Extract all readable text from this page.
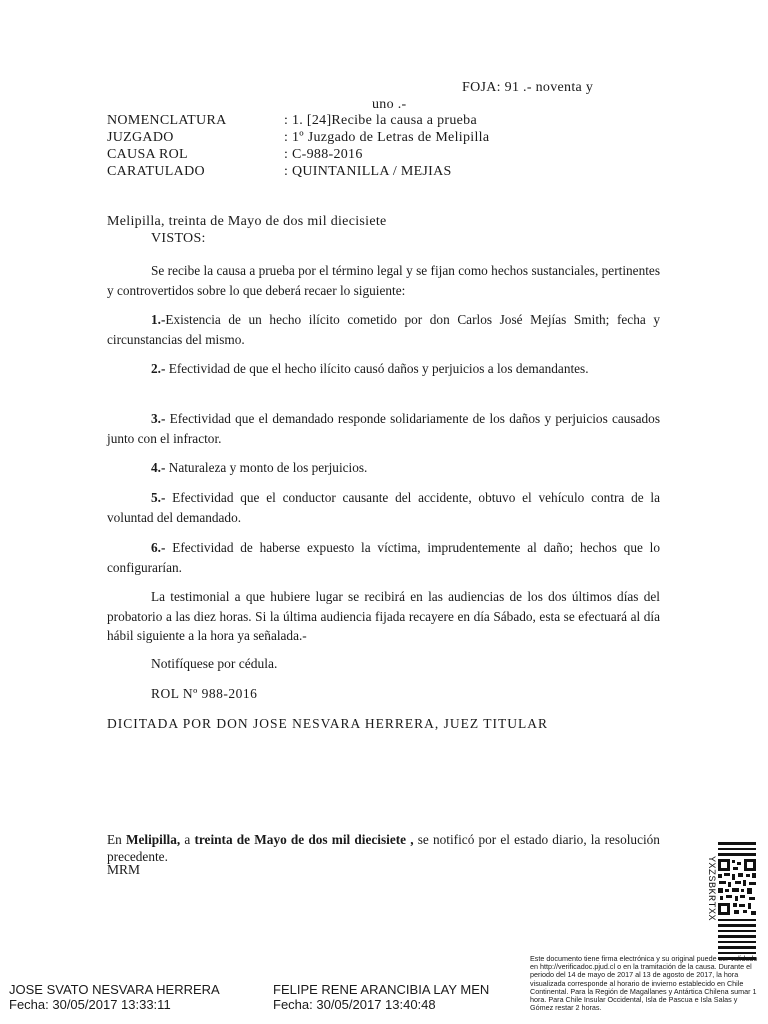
FOJA: 91 .- noventa y
uno .-
NOMENCLATURA	: 1. [24]Recibe la causa a prueba
JUZGADO	: 1º Juzgado de Letras de Melipilla
CAUSA ROL	: C-988-2016
CARATULADO	: QUINTANILLA / MEJIAS
Melipilla, treinta de Mayo de dos mil diecisiete
VISTOS:
Se recibe la causa a prueba por el término legal y se fijan como hechos sustanciales, pertinentes y controvertidos sobre lo que deberá recaer lo siguiente:
1.-Existencia de un hecho ilícito cometido por don Carlos José Mejías Smith; fecha y circunstancias del mismo.
2.- Efectividad de que el hecho ilícito causó daños y perjuicios a los demandantes.
3.- Efectividad que el demandado responde solidariamente de los daños y perjuicios causados junto con el infractor.
4.- Naturaleza y monto de los perjuicios.
5.- Efectividad que el conductor causante del accidente, obtuvo el vehículo contra de la voluntad del demandado.
6.- Efectividad de haberse expuesto la víctima, imprudentemente al daño; hechos que lo configurarían.
La testimonial a que hubiere lugar se recibirá en las audiencias de los dos últimos días del probatorio a las diez horas. Si la última audiencia fijada recayere en día Sábado, esta se efectuará al día hábil siguiente a la hora ya señalada.-
Notifíquese por cédula.
ROL Nº 988-2016
DICITADA POR DON JOSE NESVARA HERRERA, JUEZ TITULAR
En Melipilla, a treinta de Mayo de dos mil diecisiete , se notificó por el estado diario, la resolución precedente.
MRM	YXZSBKRTXX
Este documento tiene firma electrónica y su original puede ser validado en http://verificadoc.pjud.cl o en la tramitación de la causa. Durante el periodo del 14 de mayo de 2017 al 13 de agosto de 2017, la hora visualizada corresponde al horario de invierno establecido en Chile Continental. Para la Región de Magallanes y Antártica Chilena sumar 1 hora. Para Chile Insular Occidental, Isla de Pascua e Isla Salas y Gómez restar 2 horas.
JOSE SVATO NESVARA HERRERA
Fecha: 30/05/2017 13:33:11
FELIPE RENE ARANCIBIA LAY MEN
Fecha: 30/05/2017 13:40:48
